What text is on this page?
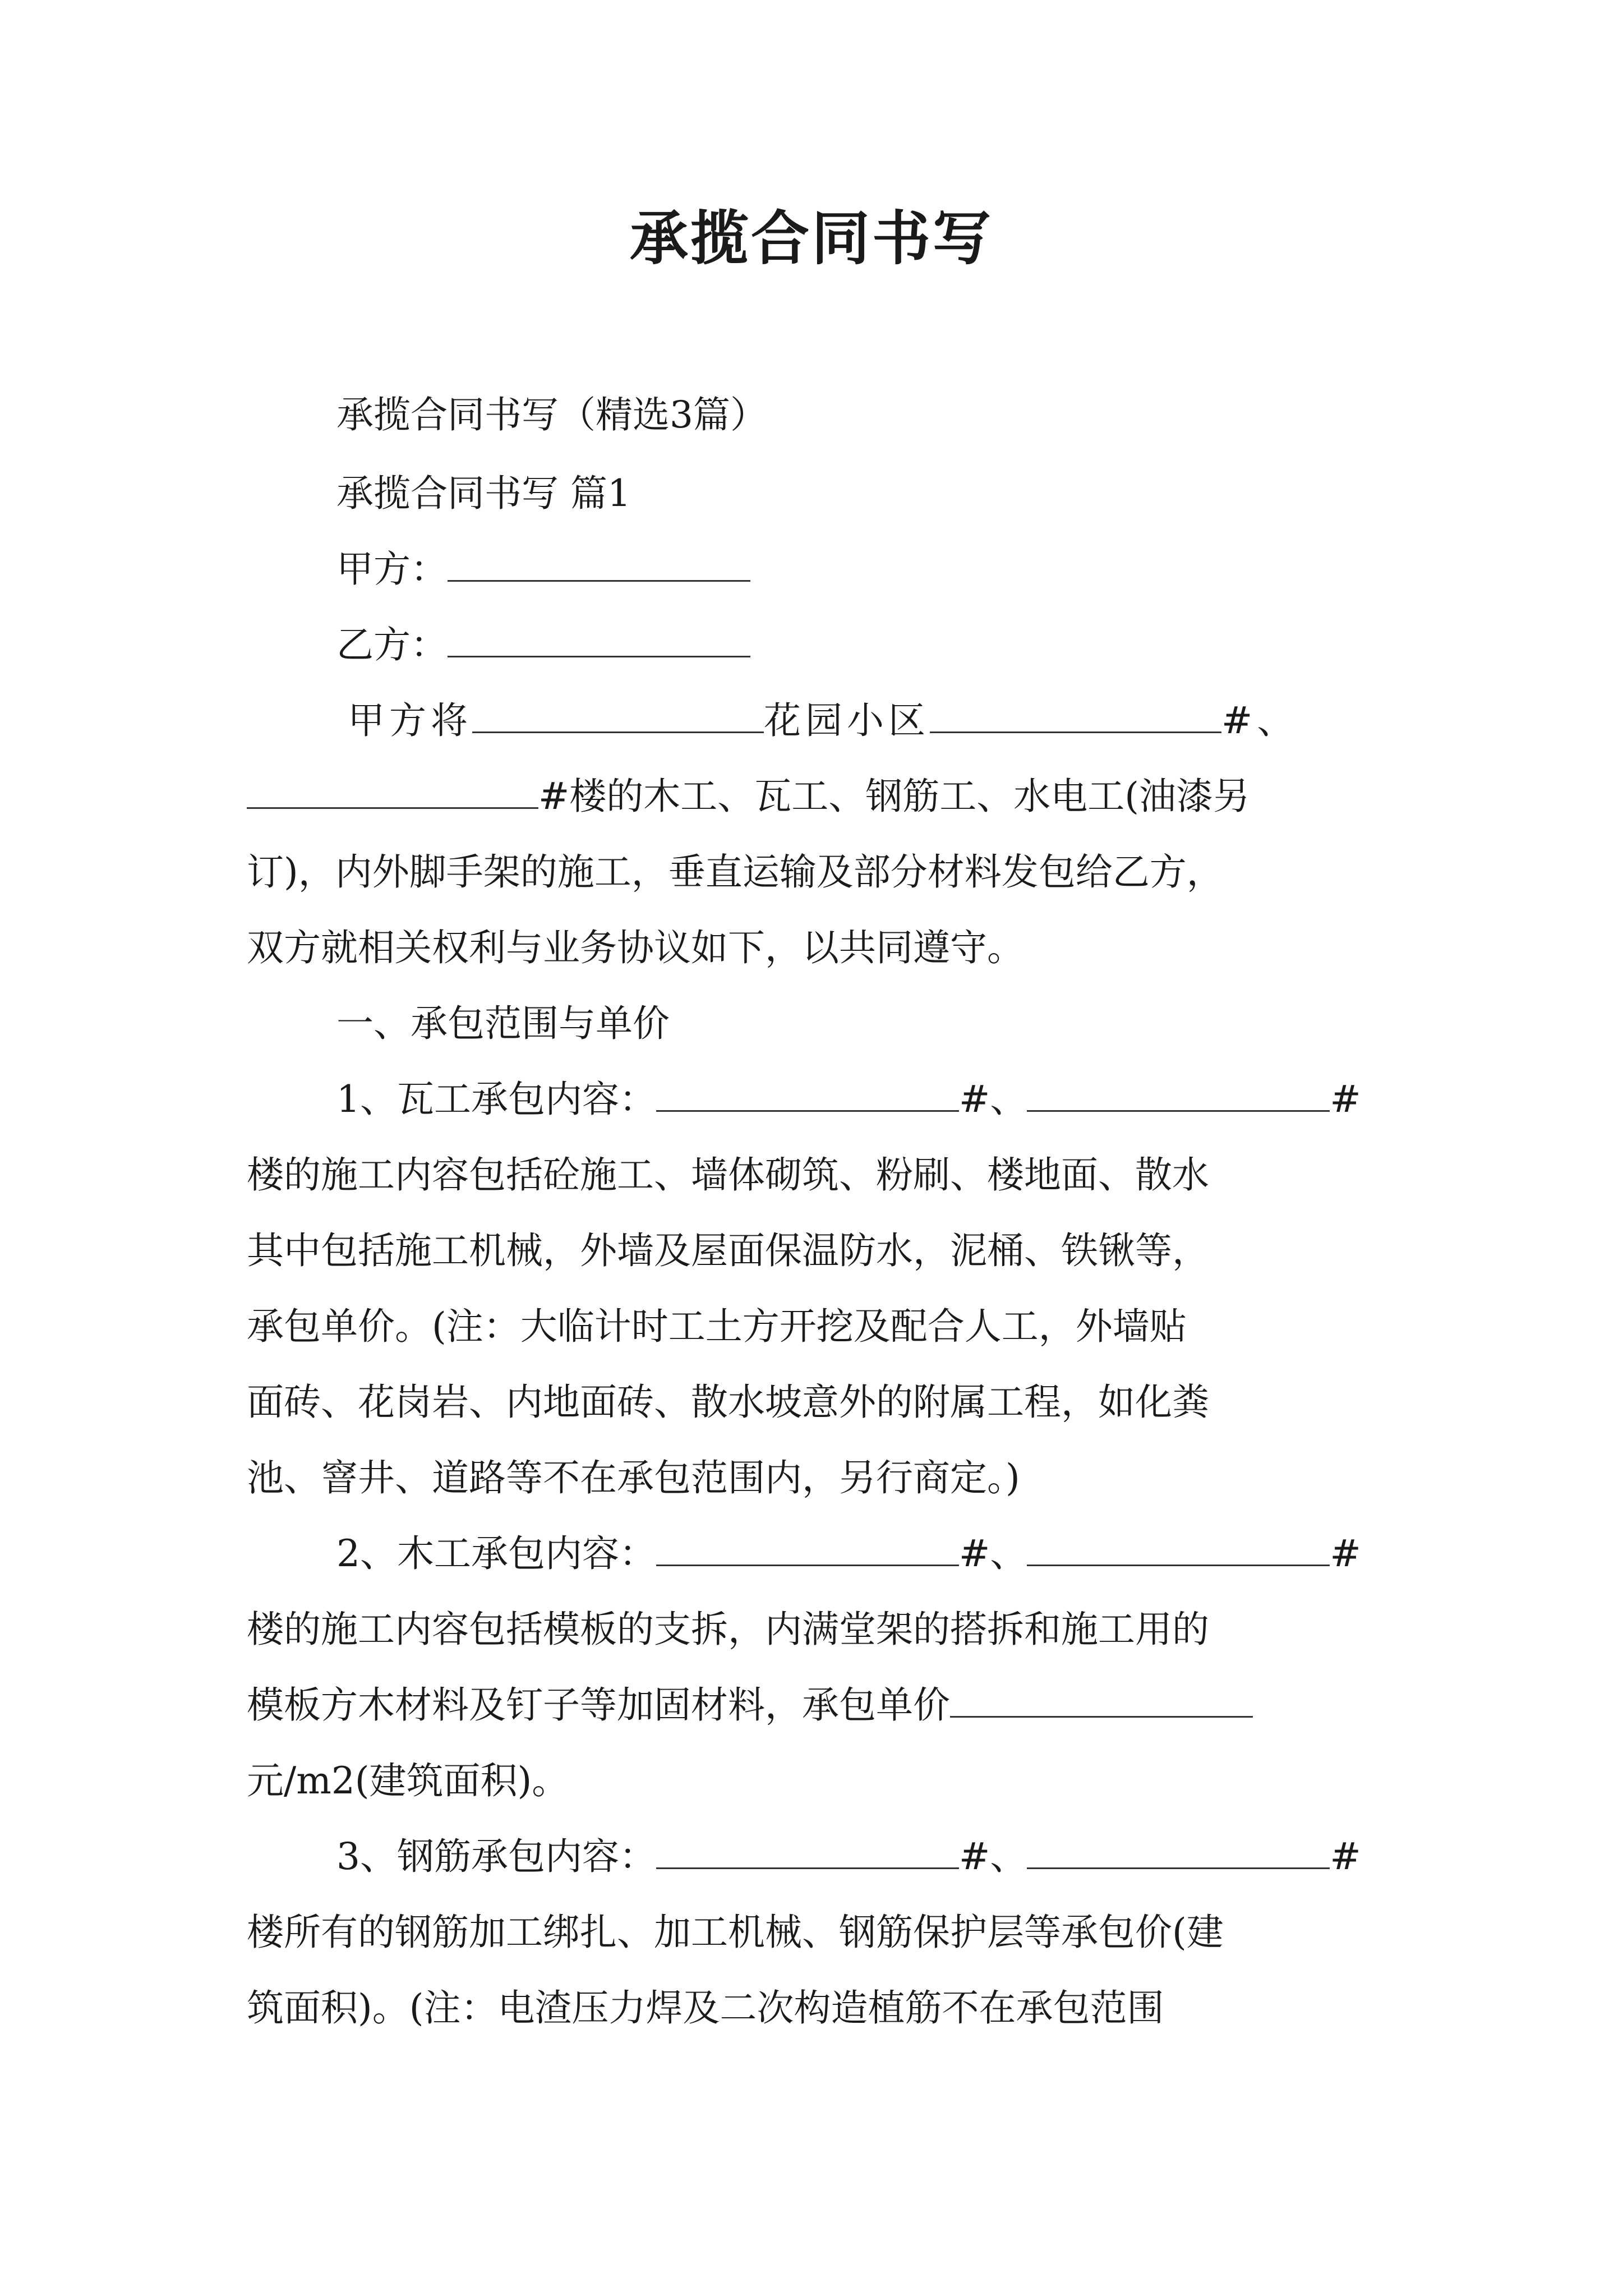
承揽合同书写
承揽合同书写（精选3篇）
承揽合同书写 篇1
甲方：
乙方：
甲方将	花园小区	#、
#楼的木工、瓦工、钢筋工、水电工(油漆另
订)，内外脚手架的施工，垂直运输及部分材料发包给乙方，
双方就相关权利与业务协议如下，以共同遵守。
一、承包范围与单价
1、瓦工承包内容：	#、	#
楼的施工内容包括砼施工、墙体砌筑、粉刷、楼地面、散水
其中包括施工机械，外墙及屋面保温防水，泥桶、铁锹等，
承包单价。(注：大临计时工土方开挖及配合人工，外墙贴
面砖、花岗岩、内地面砖、散水坡意外的附属工程，如化粪
池、窨井、道路等不在承包范围内，另行商定。)
2、木工承包内容：	#、	#
楼的施工内容包括模板的支拆，内满堂架的搭拆和施工用的
模板方木材料及钉子等加固材料，承包单价
元/m2(建筑面积)。
3、钢筋承包内容：	#、	#
楼所有的钢筋加工绑扎、加工机械、钢筋保护层等承包价(建
筑面积)。(注：电渣压力焊及二次构造植筋不在承包范围
